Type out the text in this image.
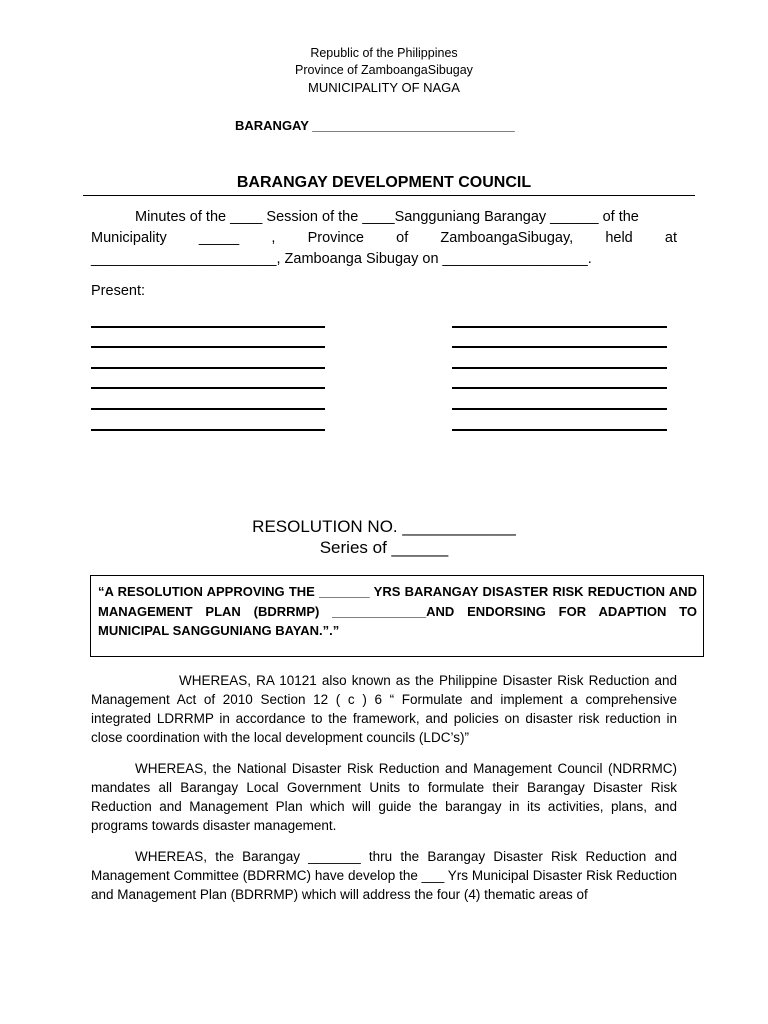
Republic of the Philippines
Province of ZamboangaSibugay
MUNICIPALITY OF NAGA
BARANGAY ____________________________
BARANGAY DEVELOPMENT COUNCIL
Minutes of the ____ Session of the ____Sangguniang Barangay ______ of the
Municipality _____ , Province of ZamboangaSibugay, held at
_______________________, Zamboanga Sibugay on __________________.
Present:
RESOLUTION NO. ____________
Series of ______
“A RESOLUTION APPROVING THE _______ YRS BARANGAY DISASTER RISK REDUCTION AND MANAGEMENT PLAN (BDRRMP) _____________AND ENDORSING FOR ADAPTION TO MUNICIPAL SANGGUNIANG BAYAN.”.”
WHEREAS, RA 10121 also known as the Philippine Disaster Risk Reduction and Management Act of 2010 Section 12 ( c ) 6 “ Formulate and implement a comprehensive integrated LDRRMP in accordance to the framework, and policies on disaster risk reduction in close coordination with the local development councils (LDC’s)”
WHEREAS, the National Disaster Risk Reduction and Management Council (NDRRMC) mandates all Barangay Local Government Units to formulate their Barangay Disaster Risk Reduction and Management Plan which will guide the barangay in its activities, plans, and programs towards disaster management.
WHEREAS, the Barangay _______ thru the Barangay Disaster Risk Reduction and Management Committee (BDRRMC) have develop the ___ Yrs Municipal Disaster Risk Reduction and Management Plan (BDRRMP) which will address the four (4) thematic areas of
